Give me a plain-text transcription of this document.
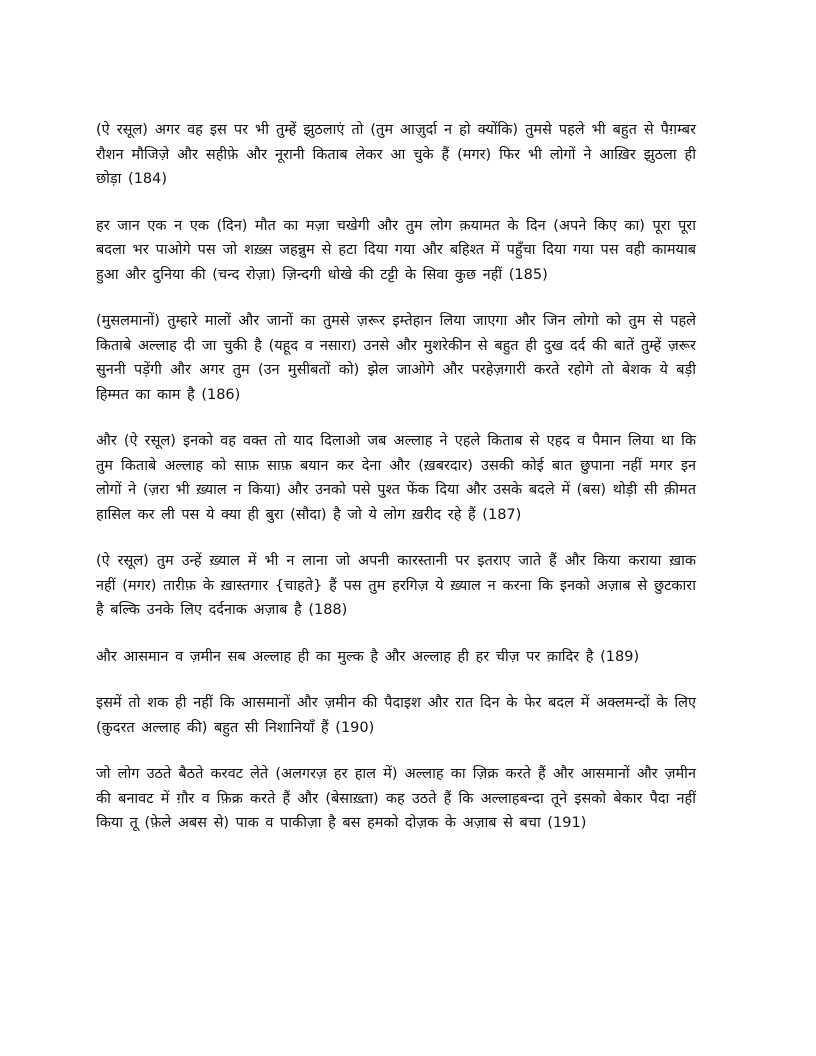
(ऐ रसूल) अगर वह इस पर भी तुम्हें झुठलाएं तो (तुम आज़ुर्दा न हो क्योंकि) तुमसे पहले भी बहुत से पैग़म्बर रौशन मौजिज़े और सहीफ़े और नूरानी किताब लेकर आ चुके हैं (मगर) फिर भी लोगों ने आख़िर झुठला ही छोड़ा (184)

हर जान एक न एक (दिन) मौत का मज़ा चखेगी और तुम लोग क़यामत के दिन (अपने किए का) पूरा पूरा बदला भर पाओगे पस जो शख़्स जहन्नुम से हटा दिया गया और बहिश्त में पहुँचा दिया गया पस वही कामयाब हुआ और दुनिया की (चन्द रोज़ा) ज़िन्दगी धोखे की टट्टी के सिवा कुछ नहीं (185)

(मुसलमानों) तुम्हारे मालों और जानों का तुमसे ज़रूर इम्तेहान लिया जाएगा और जिन लोगो को तुम से पहले किताबे अल्लाह दी जा चुकी है (यहूद व नसारा) उनसे और मुशरेकीन से बहुत ही दुख दर्द की बातें तुम्हें ज़रूर सुननी पड़ेंगी और अगर तुम (उन मुसीबतों को) झेल जाओगे और परहेज़गारी करते रहोगे तो बेशक ये बड़ी हिम्मत का काम है (186)

और (ऐ रसूल) इनको वह वक्त तो याद दिलाओ जब अल्लाह ने एहले किताब से एहद व पैमान लिया था कि तुम किताबे अल्लाह को साफ़ साफ़ बयान कर देना और (ख़बरदार) उसकी कोई बात छुपाना नहीं मगर इन लोगों ने (ज़रा भी ख़्याल न किया) और उनको पसे पुश्त फेंक दिया और उसके बदले में (बस) थोड़ी सी क़ीमत हासिल कर ली पस ये क्या ही बुरा (सौदा) है जो ये लोग ख़रीद रहे हैं (187)

(ऐ रसूल) तुम उन्हें ख़्याल में भी न लाना जो अपनी कारस्तानी पर इतराए जाते हैं और किया कराया ख़ाक नहीं (मगर) तारीफ़ के ख़ास्तगार {चाहते} हैं पस तुम हरगिज़ ये ख़्याल न करना कि इनको अज़ाब से छुटकारा है बल्कि उनके लिए दर्दनाक अज़ाब है (188)

और आसमान व ज़मीन सब अल्लाह ही का मुल्क है और अल्लाह ही हर चीज़ पर क़ादिर है (189)

इसमें तो शक ही नहीं कि आसमानों और ज़मीन की पैदाइश और रात दिन के फेर बदल में अक्लमन्दों के लिए (क़ुदरत अल्लाह की) बहुत सी निशानियाँ हैं (190)

जो लोग उठते बैठते करवट लेते (अलगरज़ हर हाल में) अल्लाह का ज़िक्र करते हैं और आसमानों और ज़मीन की बनावट में ग़ौर व फ़िक्र करते हैं और (बेसाख़्ता) कह उठते हैं कि अल्लाहबन्दा तूने इसको बेकार पैदा नहीं किया तू (फ़ेले अबस से) पाक व पाकीज़ा है बस हमको दोज़क के अज़ाब से बचा (191)
